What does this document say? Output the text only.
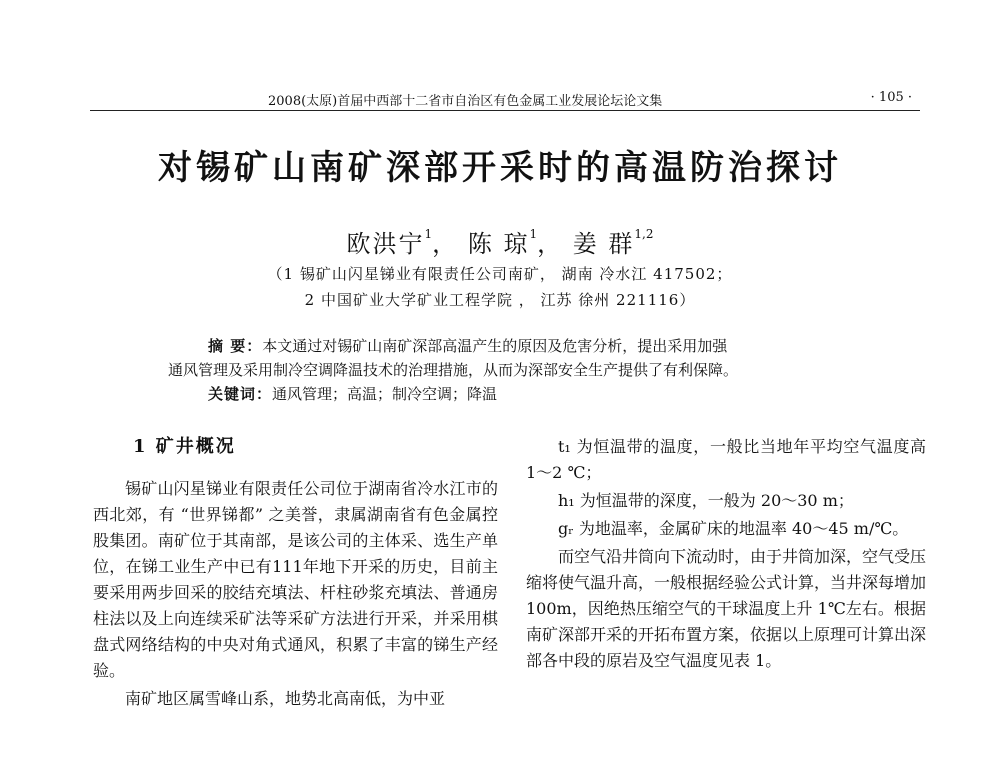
2008(太原)首届中西部十二省市自治区有色金属工业发展论坛论文集	· 105 ·
对锡矿山南矿深部开采时的高温防治探讨
欧洪宁$^1$， 陈 琼$^1$， 姜 群$^{1,2}$
（1 锡矿山闪星锑业有限责任公司南矿， 湖南 冷水江 417502；
2 中国矿业大学矿业工程学院 ， 江苏 徐州 221116）
摘 要：本文通过对锡矿山南矿深部高温产生的原因及危害分析，提出采用加强
通风管理及采用制冷空调降温技术的治理措施，从而为深部安全生产提供了有利保障。
关键词：通风管理；高温；制冷空调；降温
1 矿井概况

锡矿山闪星锑业有限责任公司位于湖南省冷水江市的西北郊，有 “世界锑都” 之美誉，隶属湖南省有色金属控股集团。南矿位于其南部，是该公司的主体采、选生产单位，在锑工业生产中已有111年地下开采的历史，目前主要采用两步回采的胶结充填法、杆柱砂浆充填法、普通房柱法以及上向连续采矿法等采矿方法进行开采，并采用棋盘式网络结构的中央对角式通风，积累了丰富的锑生产经验。

南矿地区属雪峰山系，地势北高南低，为中亚

t₁ 为恒温带的温度，一般比当地年平均空气温度高 1～2 ℃；

h₁ 为恒温带的深度，一般为 20～30 m；

gᵣ 为地温率，金属矿床的地温率 40～45 m/℃。

而空气沿井筒向下流动时，由于井筒加深，空气受压缩将使气温升高，一般根据经验公式计算，当井深每增加 100m，因绝热压缩空气的干球温度上升 1℃左右。根据南矿深部开采的开拓布置方案，依据以上原理可计算出深部各中段的原岩及空气温度见表 1。
